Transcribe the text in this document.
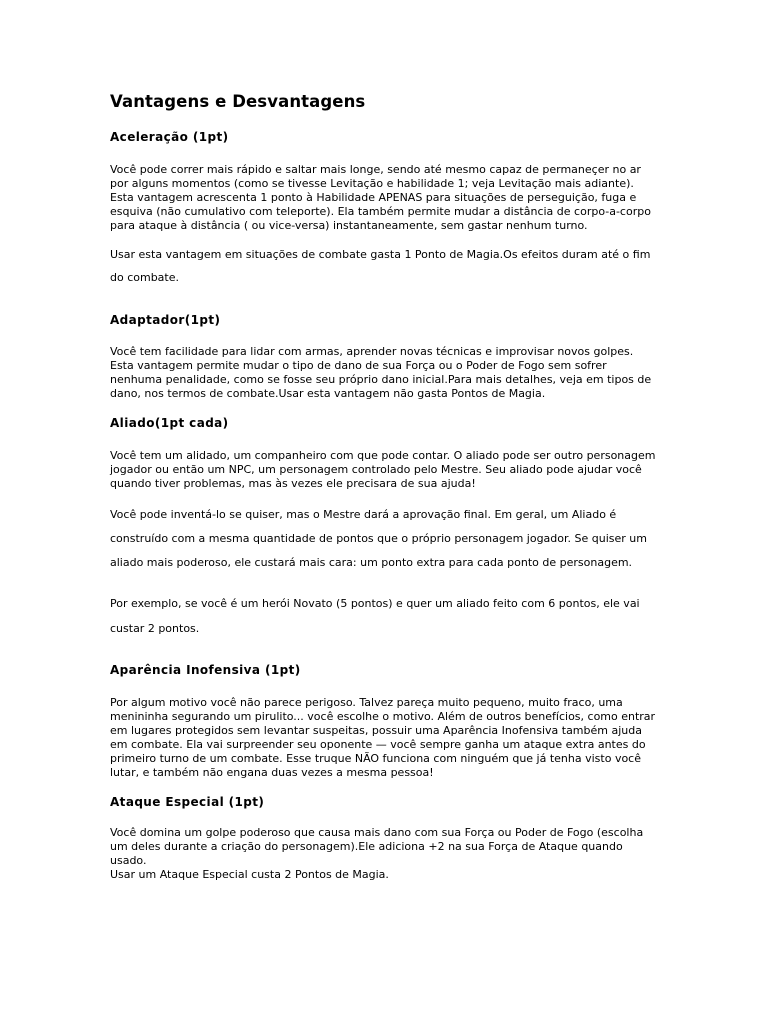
Vantagens e Desvantagens
Aceleração (1pt)
Você pode correr mais rápido e saltar mais longe, sendo até mesmo capaz de permaneçer no ar
por alguns momentos (como se tivesse Levitação e habilidade 1; veja Levitação mais adiante).
Esta vantagem acrescenta 1 ponto à Habilidade APENAS para situações de perseguição, fuga e
esquiva (não cumulativo com teleporte). Ela também permite mudar a distância de corpo-a-corpo
para ataque à distância ( ou vice-versa) instantaneamente, sem gastar nenhum turno.
Usar esta vantagem em situações de combate gasta 1 Ponto de Magia.Os efeitos duram até o fim
do combate.
Adaptador(1pt)
Você tem facilidade para lidar com armas, aprender novas técnicas e improvisar novos golpes.
Esta vantagem permite mudar o tipo de dano de sua Força ou o Poder de Fogo sem sofrer
nenhuma penalidade, como se fosse seu próprio dano inicial.Para mais detalhes, veja em tipos de
dano, nos termos de combate.Usar esta vantagem não gasta Pontos de Magia.
Aliado(1pt cada)
Você tem um alidado, um companheiro com que pode contar. O aliado pode ser outro personagem
jogador ou então um NPC, um personagem controlado pelo Mestre. Seu aliado pode ajudar você
quando tiver problemas, mas às vezes ele precisara de sua ajuda!
Você pode inventá-lo se quiser, mas o Mestre dará a aprovação final. Em geral, um Aliado é
construído com a mesma quantidade de pontos que o próprio personagem jogador. Se quiser um
aliado mais poderoso, ele custará mais cara: um ponto extra para cada ponto de personagem.
Por exemplo, se você é um herói Novato (5 pontos) e quer um aliado feito com 6 pontos, ele vai
custar 2 pontos.
Aparência Inofensiva (1pt)
Por algum motivo você não parece perigoso. Talvez pareça muito pequeno, muito fraco, uma
menininha segurando um pirulito... você escolhe o motivo. Além de outros benefícios, como entrar
em lugares protegidos sem levantar suspeitas, possuir uma Aparência Inofensiva também ajuda
em combate. Ela vai surpreender seu oponente — você sempre ganha um ataque extra antes do
primeiro turno de um combate. Esse truque NÃO funciona com ninguém que já tenha visto você
lutar, e também não engana duas vezes a mesma pessoa!
Ataque Especial (1pt)
Você domina um golpe poderoso que causa mais dano com sua Força ou Poder de Fogo (escolha
um deles durante a criação do personagem).Ele adiciona +2 na sua Força de Ataque quando
usado.
Usar um Ataque Especial custa 2 Pontos de Magia.
